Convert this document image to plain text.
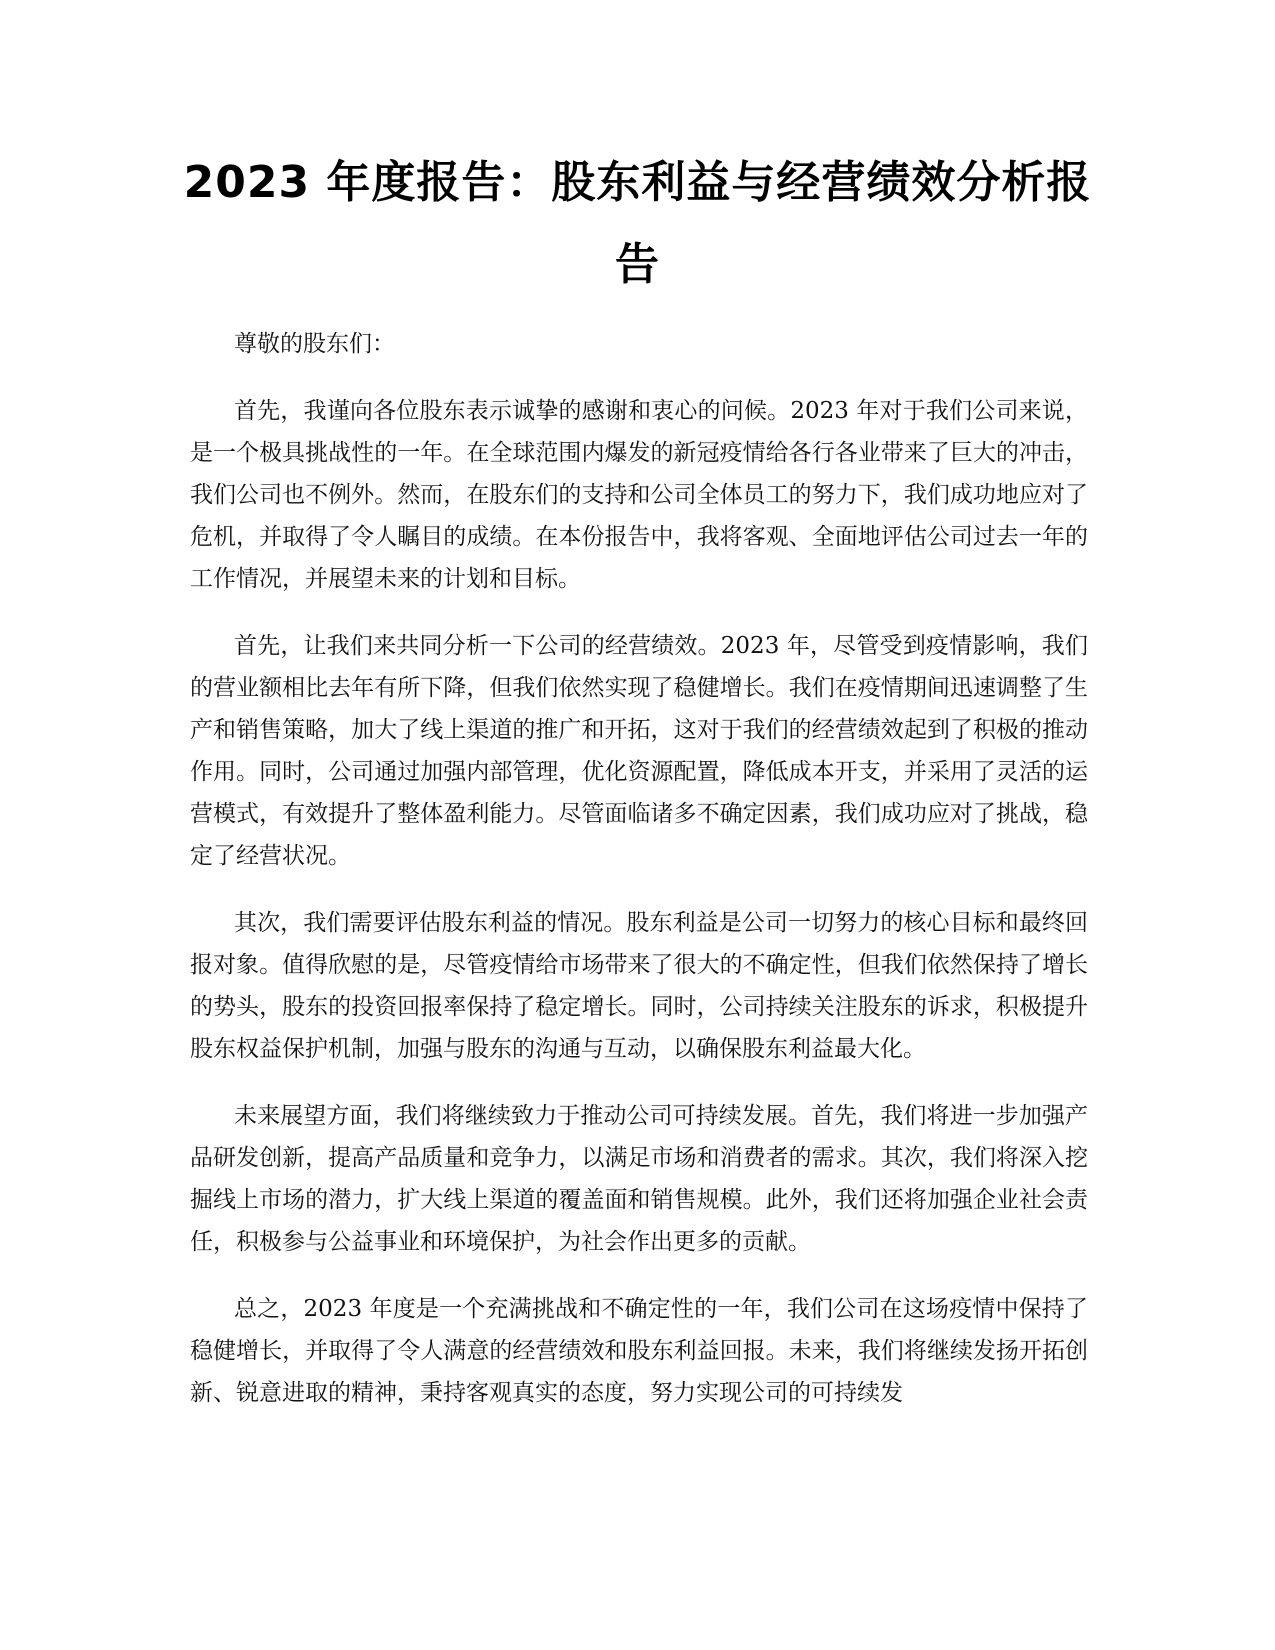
2023 年度报告：股东利益与经营绩效分析报告

尊敬的股东们：

首先，我谨向各位股东表示诚挚的感谢和衷心的问候。2023 年对于我们公司来说，是一个极具挑战性的一年。在全球范围内爆发的新冠疫情给各行各业带来了巨大的冲击，我们公司也不例外。然而，在股东们的支持和公司全体员工的努力下，我们成功地应对了危机，并取得了令人瞩目的成绩。在本份报告中，我将客观、全面地评估公司过去一年的工作情况，并展望未来的计划和目标。

首先，让我们来共同分析一下公司的经营绩效。2023 年，尽管受到疫情影响，我们的营业额相比去年有所下降，但我们依然实现了稳健增长。我们在疫情期间迅速调整了生产和销售策略，加大了线上渠道的推广和开拓，这对于我们的经营绩效起到了积极的推动作用。同时，公司通过加强内部管理，优化资源配置，降低成本开支，并采用了灵活的运营模式，有效提升了整体盈利能力。尽管面临诸多不确定因素，我们成功应对了挑战，稳定了经营状况。

其次，我们需要评估股东利益的情况。股东利益是公司一切努力的核心目标和最终回报对象。值得欣慰的是，尽管疫情给市场带来了很大的不确定性，但我们依然保持了增长的势头，股东的投资回报率保持了稳定增长。同时，公司持续关注股东的诉求，积极提升股东权益保护机制，加强与股东的沟通与互动，以确保股东利益最大化。

未来展望方面，我们将继续致力于推动公司可持续发展。首先，我们将进一步加强产品研发创新，提高产品质量和竞争力，以满足市场和消费者的需求。其次，我们将深入挖掘线上市场的潜力，扩大线上渠道的覆盖面和销售规模。此外，我们还将加强企业社会责任，积极参与公益事业和环境保护，为社会作出更多的贡献。

总之，2023 年度是一个充满挑战和不确定性的一年，我们公司在这场疫情中保持了稳健增长，并取得了令人满意的经营绩效和股东利益回报。未来，我们将继续发扬开拓创新、锐意进取的精神，秉持客观真实的态度，努力实现公司的可持续发
